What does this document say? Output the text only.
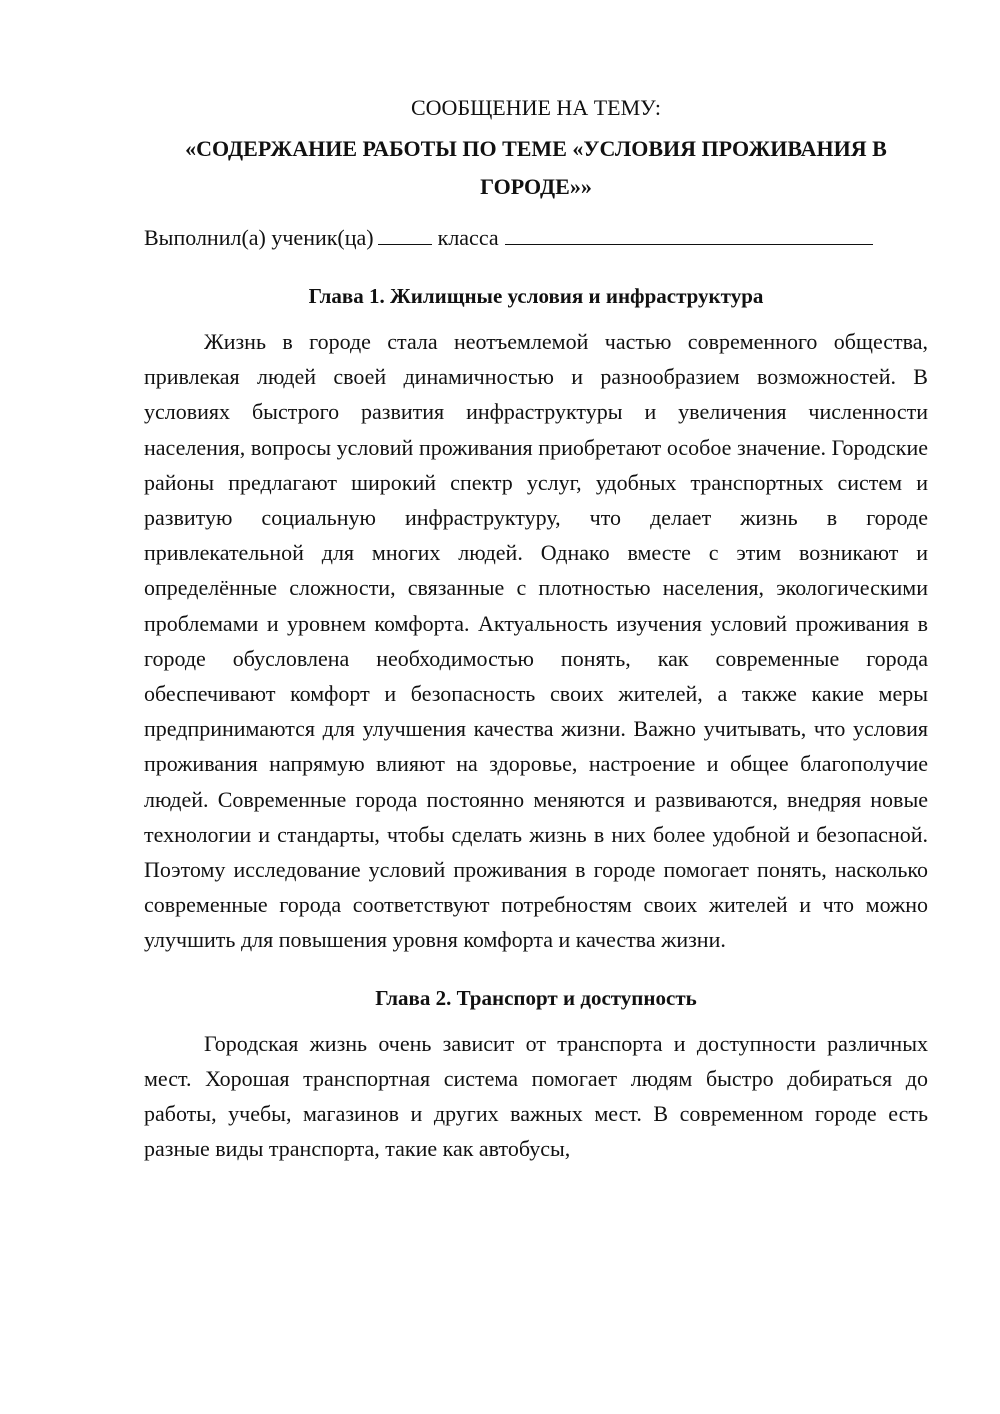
СООБЩЕНИЕ НА ТЕМУ:

«СОДЕРЖАНИЕ РАБОТЫ ПО ТЕМЕ «УСЛОВИЯ ПРОЖИВАНИЯ В ГОРОДЕ»»

Выполнил(а) ученик(ца)	класса

Глава 1. Жилищные условия и инфраструктура

Жизнь в городе стала неотъемлемой частью современного общества, привлекая людей своей динамичностью и разнообразием возможностей. В условиях быстрого развития инфраструктуры и увеличения численности населения, вопросы условий проживания приобретают особое значение. Городские районы предлагают широкий спектр услуг, удобных транспортных систем и развитую социальную инфраструктуру, что делает жизнь в городе привлекательной для многих людей. Однако вместе с этим возникают и определённые сложности, связанные с плотностью населения, экологическими проблемами и уровнем комфорта. Актуальность изучения условий проживания в городе обусловлена необходимостью понять, как современные города обеспечивают комфорт и безопасность своих жителей, а также какие меры предпринимаются для улучшения качества жизни. Важно учитывать, что условия проживания напрямую влияют на здоровье, настроение и общее благополучие людей. Современные города постоянно меняются и развиваются, внедряя новые технологии и стандарты, чтобы сделать жизнь в них более удобной и безопасной. Поэтому исследование условий проживания в городе помогает понять, насколько современные города соответствуют потребностям своих жителей и что можно улучшить для повышения уровня комфорта и качества жизни.

Глава 2. Транспорт и доступность

Городская жизнь очень зависит от транспорта и доступности различных мест. Хорошая транспортная система помогает людям быстро добираться до работы, учебы, магазинов и других важных мест. В современном городе есть разные виды транспорта, такие как автобусы,
